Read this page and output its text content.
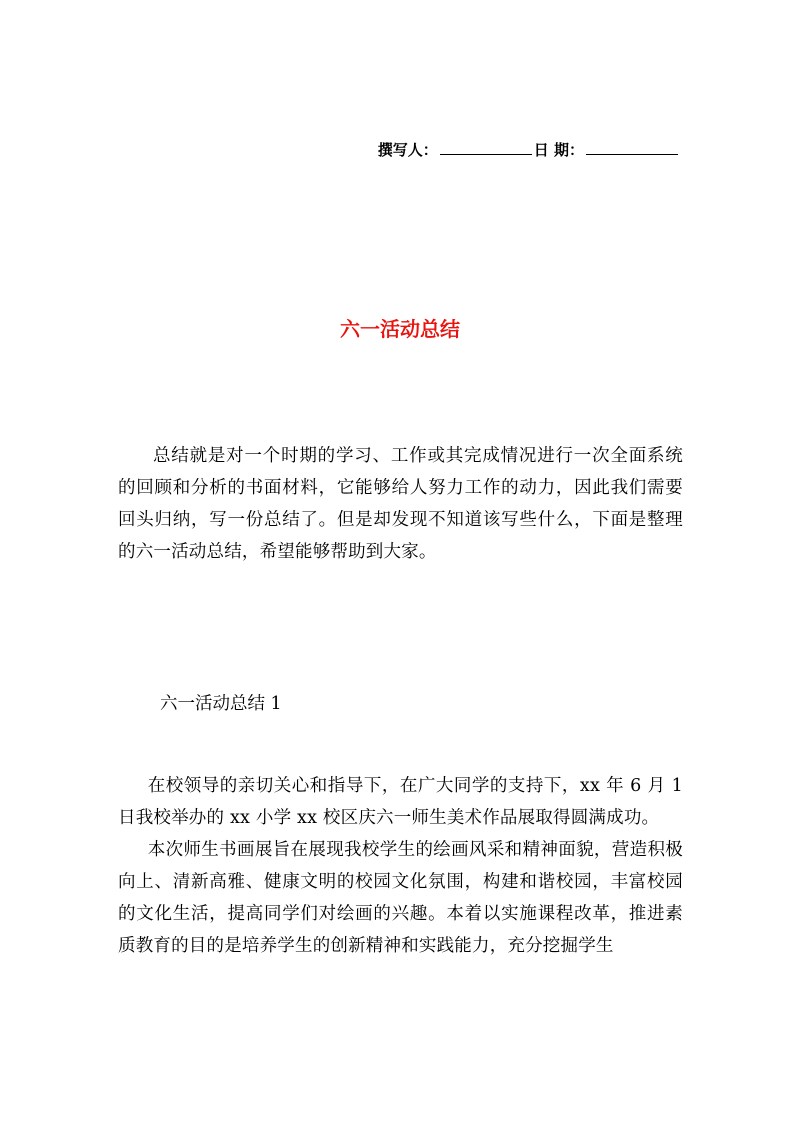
撰写人：	日 期：
六一活动总结
总结就是对一个时期的学习、工作或其完成情况进行一次全面系统的回顾和分析的书面材料，它能够给人努力工作的动力，因此我们需要回头归纳，写一份总结了。但是却发现不知道该写些什么，下面是整理的六一活动总结，希望能够帮助到大家。
六一活动总结 1
在校领导的亲切关心和指导下，在广大同学的支持下，xx 年 6 月 1 日我校举办的 xx 小学 xx 校区庆六一师生美术作品展取得圆满成功。
本次师生书画展旨在展现我校学生的绘画风采和精神面貌，营造积极向上、清新高雅、健康文明的校园文化氛围，构建和谐校园，丰富校园的文化生活，提高同学们对绘画的兴趣。本着以实施课程改革，推进素质教育的目的是培养学生的创新精神和实践能力，充分挖掘学生
